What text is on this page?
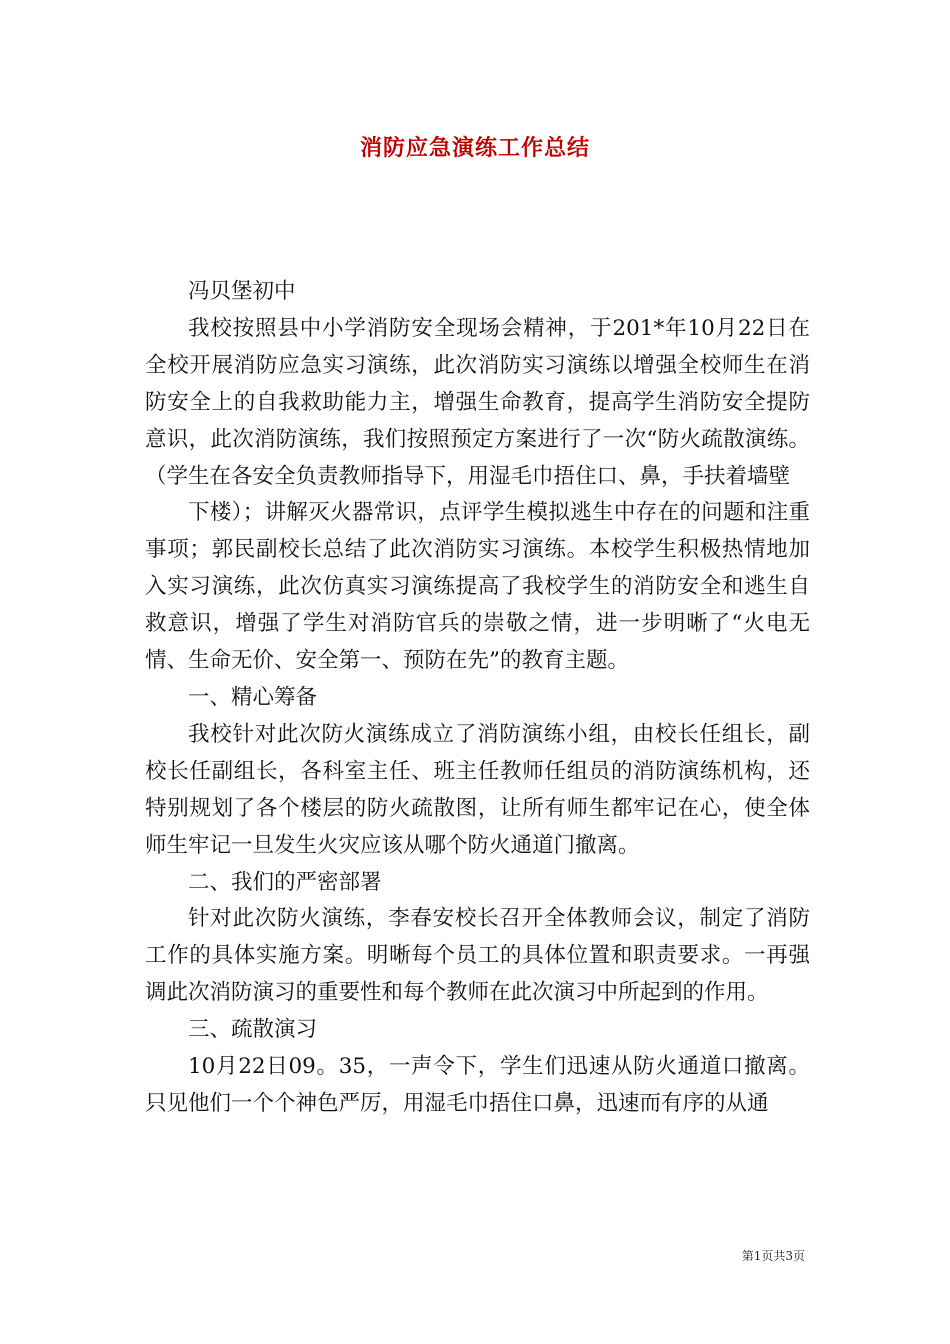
消防应急演练工作总结

冯贝堡初中

我校按照县中小学消防安全现场会精神，于201*年10月22日在全校开展消防应急实习演练，此次消防实习演练以增强全校师生在消防安全上的自我救助能力主，增强生命教育，提高学生消防安全提防意识，此次消防演练，我们按照预定方案进行了一次“防火疏散演练。（学生在各安全负责教师指导下，用湿毛巾捂住口、鼻，手扶着墙壁

下楼）；讲解灭火器常识，点评学生模拟逃生中存在的问题和注重事项；郭民副校长总结了此次消防实习演练。本校学生积极热情地加入实习演练，此次仿真实习演练提高了我校学生的消防安全和逃生自救意识，增强了学生对消防官兵的崇敬之情，进一步明晰了“火电无情、生命无价、安全第一、预防在先”的教育主题。

一、精心筹备

我校针对此次防火演练成立了消防演练小组，由校长任组长，副校长任副组长，各科室主任、班主任教师任组员的消防演练机构，还特别规划了各个楼层的防火疏散图，让所有师生都牢记在心，使全体师生牢记一旦发生火灾应该从哪个防火通道门撤离。

二、我们的严密部署

针对此次防火演练，李春安校长召开全体教师会议，制定了消防工作的具体实施方案。明晰每个员工的具体位置和职责要求。一再强调此次消防演习的重要性和每个教师在此次演习中所起到的作用。

三、疏散演习

10月22日09。35，一声令下，学生们迅速从防火通道口撤离。只见他们一个个神色严厉，用湿毛巾捂住口鼻，迅速而有序的从通

第1页共3页
